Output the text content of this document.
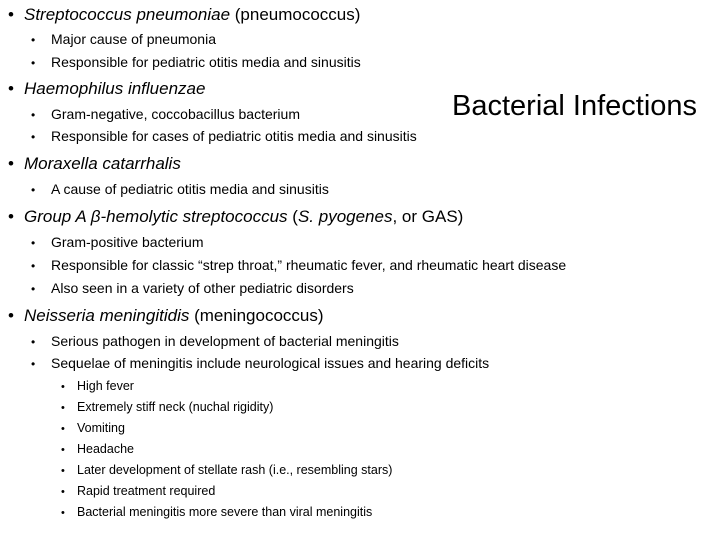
Bacterial Infections
• Streptococcus pneumoniae (pneumococcus)
• Major cause of pneumonia
• Responsible for pediatric otitis media and sinusitis
• Haemophilus influenzae
• Gram-negative, coccobacillus bacterium
• Responsible for cases of pediatric otitis media and sinusitis
• Moraxella catarrhalis
• A cause of pediatric otitis media and sinusitis
• Group A β-hemolytic streptococcus (S. pyogenes, or GAS)
• Gram-positive bacterium
• Responsible for classic “strep throat,” rheumatic fever, and rheumatic heart disease
• Also seen in a variety of other pediatric disorders
• Neisseria meningitidis (meningococcus)
• Serious pathogen in development of bacterial meningitis
• Sequelae of meningitis include neurological issues and hearing deficits
• High fever
• Extremely stiff neck (nuchal rigidity)
• Vomiting
• Headache
• Later development of stellate rash (i.e., resembling stars)
• Rapid treatment required
• Bacterial meningitis more severe than viral meningitis
